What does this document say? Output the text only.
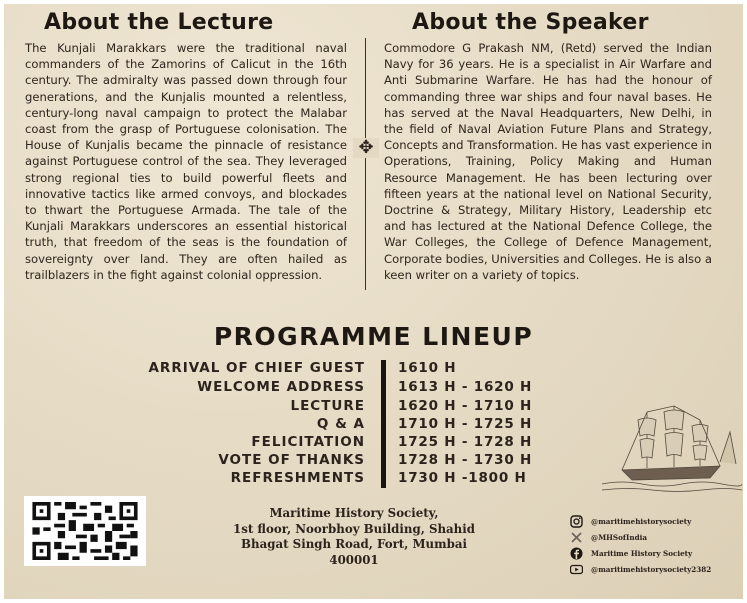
About the Lecture	About the Speaker
The Kunjali Marakkars were the traditional naval commanders of the Zamorins of Calicut in the 16th century. The admiralty was passed down through four generations, and the Kunjalis mounted a relentless, century-long naval campaign to protect the Malabar coast from the grasp of Portuguese colonisation. The House of Kunjalis became the pinnacle of resistance against Portuguese control of the sea. They leveraged strong regional ties to build powerful fleets and innovative tactics like armed convoys, and blockades to thwart the Portuguese Armada. The tale of the Kunjali Marakkars underscores an essential historical truth, that freedom of the seas is the foundation of sovereignty over land. They are often hailed as trailblazers in the fight against colonial oppression.
✥
Commodore G Prakash NM, (Retd) served the Indian Navy for 36 years. He is a specialist in Air Warfare and Anti Submarine Warfare. He has had the honour of commanding three war ships and four naval bases. He has served at the Naval Headquarters, New Delhi, in the field of Naval Aviation Future Plans and Strategy, Concepts and Transformation. He has vast experience in Operations, Training, Policy Making and Human Resource Management. He has been lecturing over fifteen years at the national level on National Security, Doctrine & Strategy, Military History, Leadership etc and has lectured at the National Defence College, the War Colleges, the College of Defence Management, Corporate bodies, Universities and Colleges. He is also a keen writer on a variety of topics.
PROGRAMME LINEUP
ARRIVAL OF CHIEF GUEST 1610 H
WELCOME ADDRESS 1613 H - 1620 H
LECTURE 1620 H - 1710 H
Q & A 1710 H - 1725 H
FELICITATION 1725 H - 1728 H
VOTE OF THANKS 1728 H - 1730 H
REFRESHMENTS 1730 H -1800 H
Maritime History Society,
1st floor, Noorbhoy Building, Shahid
Bhagat Singh Road, Fort, Mumbai
400001
@maritimehistorysociety
@MHSofIndia
Maritime History Society
@maritimehistorysociety2382
